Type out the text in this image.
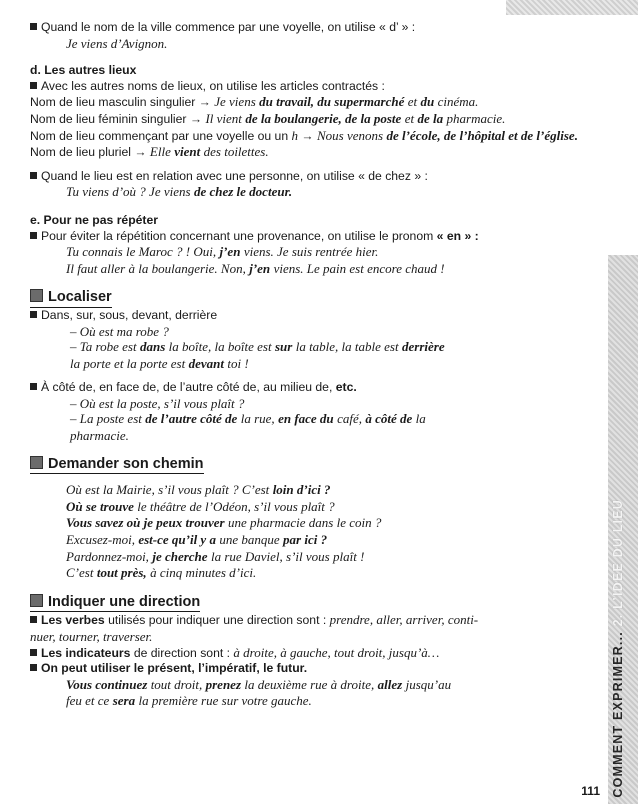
Quand le nom de la ville commence par une voyelle, on utilise « d’ » :

Je viens d’Avignon.

d. Les autres lieux

Avec les autres noms de lieux, on utilise les articles contractés :

Nom de lieu masculin singulier → Je viens du travail, du supermarché et du cinéma.

Nom de lieu féminin singulier → Il vient de la boulangerie, de la poste et de la pharmacie.

Nom de lieu commençant par une voyelle ou un h → Nous venons de l’école, de l’hôpital et de l’église.

Nom de lieu pluriel → Elle vient des toilettes.

Quand le lieu est en relation avec une personne, on utilise « de chez » :

Tu viens d’où ? Je viens de chez le docteur.

e. Pour ne pas répéter

Pour éviter la répétition concernant une provenance, on utilise le pronom « en » :

Tu connais le Maroc ? ! Oui, j’en viens. Je suis rentrée hier.

Il faut aller à la boulangerie. Non, j’en viens. Le pain est encore chaud !

Localiser

Dans, sur, sous, devant, derrière

– Où est ma robe ?

– Ta robe est dans la boîte, la boîte est sur la table, la table est derrière

la porte et la porte est devant toi !

À côté de, en face de, de l’autre côté de, au milieu de, etc.

– Où est la poste, s’il vous plaît ?

– La poste est de l’autre côté de la rue, en face du café, à côté de la

pharmacie.

Demander son chemin

Où est la Mairie, s’il vous plaît ? C’est loin d’ici ?

Où se trouve le théâtre de l’Odéon, s’il vous plaît ?

Vous savez où je peux trouver une pharmacie dans le coin ?

Excusez-moi, est-ce qu’il y a une banque par ici ?

Pardonnez-moi, je cherche la rue Daviel, s’il vous plaît !

C’est tout près, à cinq minutes d’ici.

Indiquer une direction

Les verbes utilisés pour indiquer une direction sont : prendre, aller, arriver, conti-

nuer, tourner, traverser.

Les indicateurs de direction sont : à droite, à gauche, tout droit, jusqu’à…

On peut utiliser le présent, l’impératif, le futur.

Vous continuez tout droit, prenez la deuxième rue à droite, allez jusqu’au

feu et ce sera la première rue sur votre gauche.	COMMENT EXPRIMER... 2. L’IDÉE DU LIEU
111
